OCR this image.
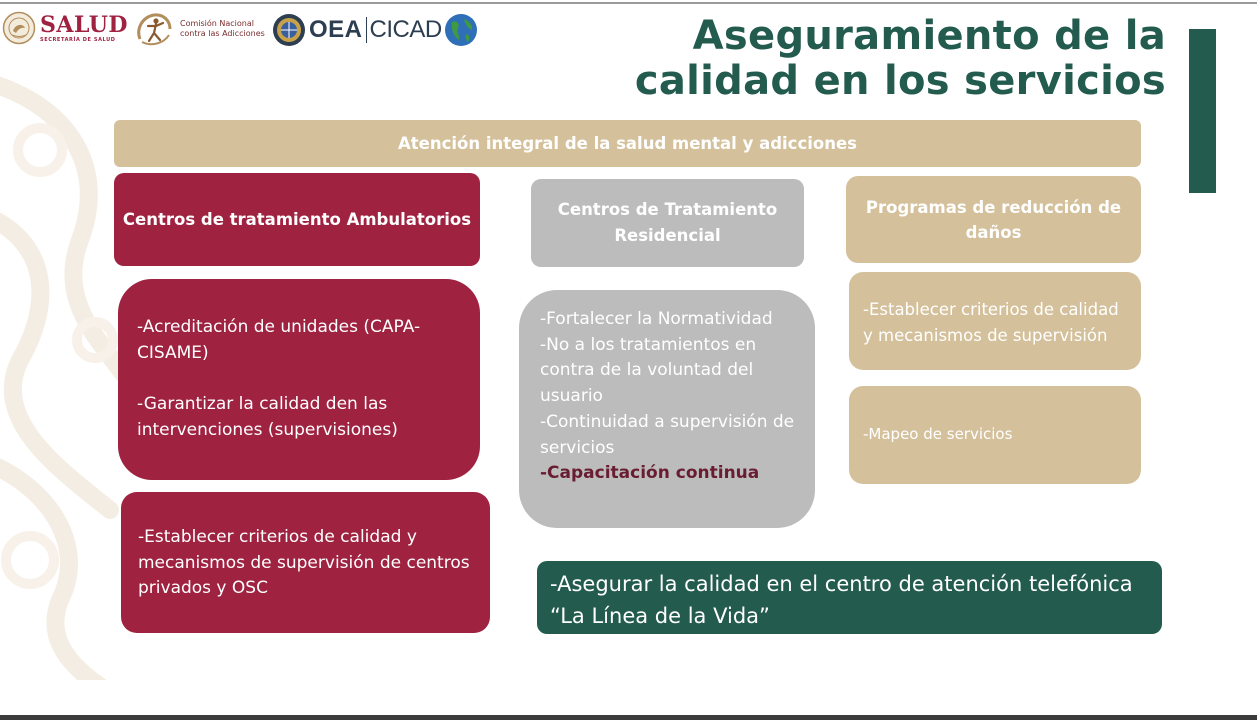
SALUD
SECRETARÍA DE SALUD
Comisión Nacional
contra las Adicciones OEA CICAD	Aseguramiento de la
calidad en los servicios
Atención integral de la salud mental y adicciones
Centros de tratamiento Ambulatorios	Centros de Tratamiento Residencial
Programas de reducción de daños
-Acreditación de unidades (CAPA-CISAME)
-Garantizar la calidad den las intervenciones (supervisiones)
-Establecer criterios de calidad y mecanismos de supervisión de centros privados y OSC
-Fortalecer la Normatividad
-No a los tratamientos en contra de la voluntad del usuario
-Continuidad a supervisión de servicios
-Capacitación continua
-Establecer criterios de calidad y mecanismos de supervisión
-Mapeo de servicios
-Asegurar la calidad en el centro de atención telefónica “La Línea de la Vida”
